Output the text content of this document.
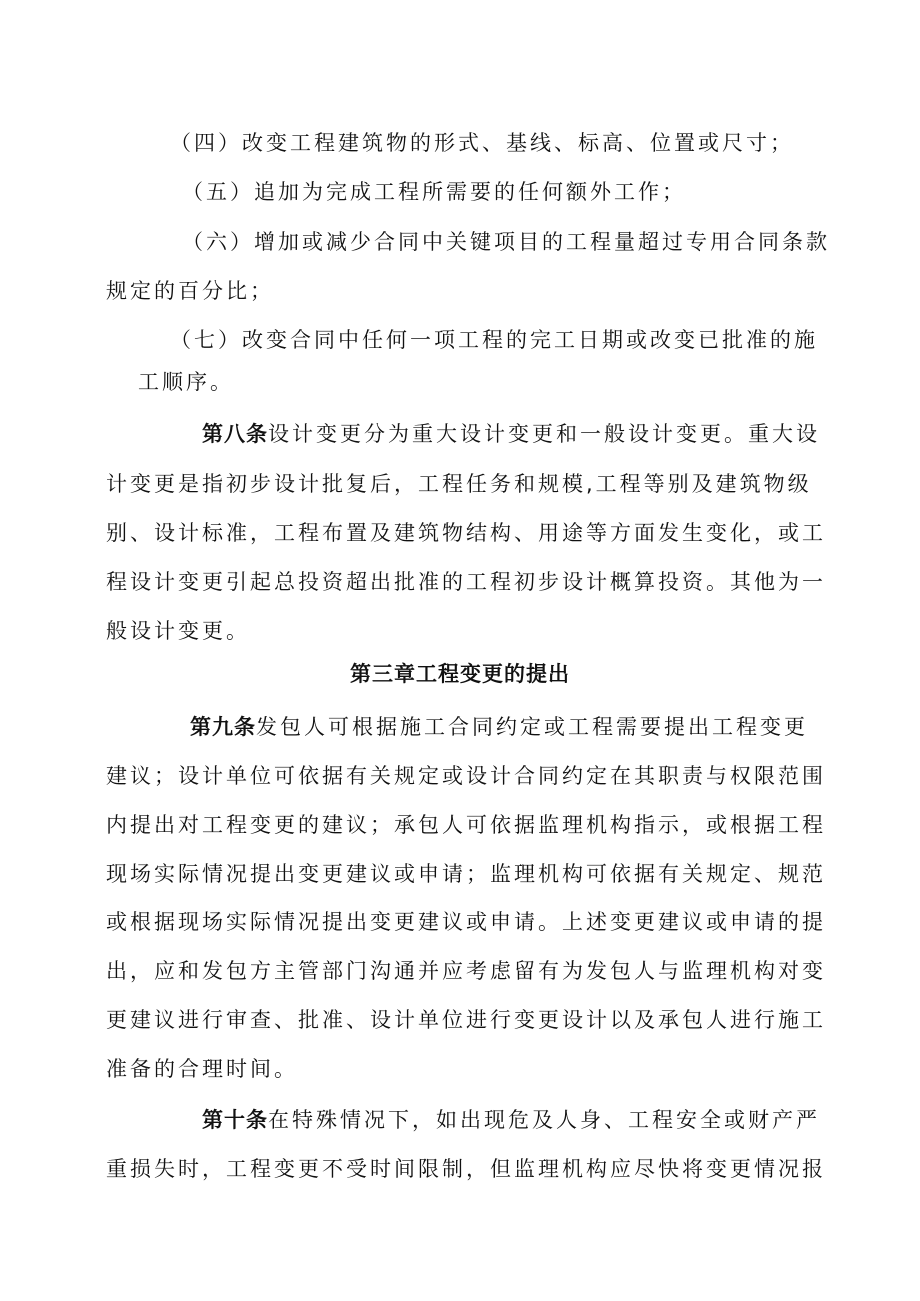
（四）改变工程建筑物的形式、基线、标高、位置或尺寸；
（五）追加为完成工程所需要的任何额外工作；
（六）增加或减少合同中关键项目的工程量超过专用合同条款
规定的百分比；
（七）改变合同中任何一项工程的完工日期或改变已批准的施
工顺序。
第八条设计变更分为重大设计变更和一般设计变更。重大设
计变更是指初步设计批复后，工程任务和规模,工程等别及建筑物级
别、设计标准，工程布置及建筑物结构、用途等方面发生变化，或工
程设计变更引起总投资超出批准的工程初步设计概算投资。其他为一
般设计变更。
第三章工程变更的提出
第九条发包人可根据施工合同约定或工程需要提出工程变更
建议；设计单位可依据有关规定或设计合同约定在其职责与权限范围
内提出对工程变更的建议；承包人可依据监理机构指示，或根据工程
现场实际情况提出变更建议或申请；监理机构可依据有关规定、规范
或根据现场实际情况提出变更建议或申请。上述变更建议或申请的提
出，应和发包方主管部门沟通并应考虑留有为发包人与监理机构对变
更建议进行审查、批准、设计单位进行变更设计以及承包人进行施工
准备的合理时间。
第十条在特殊情况下，如出现危及人身、工程安全或财产严
重损失时，工程变更不受时间限制，但监理机构应尽快将变更情况报
